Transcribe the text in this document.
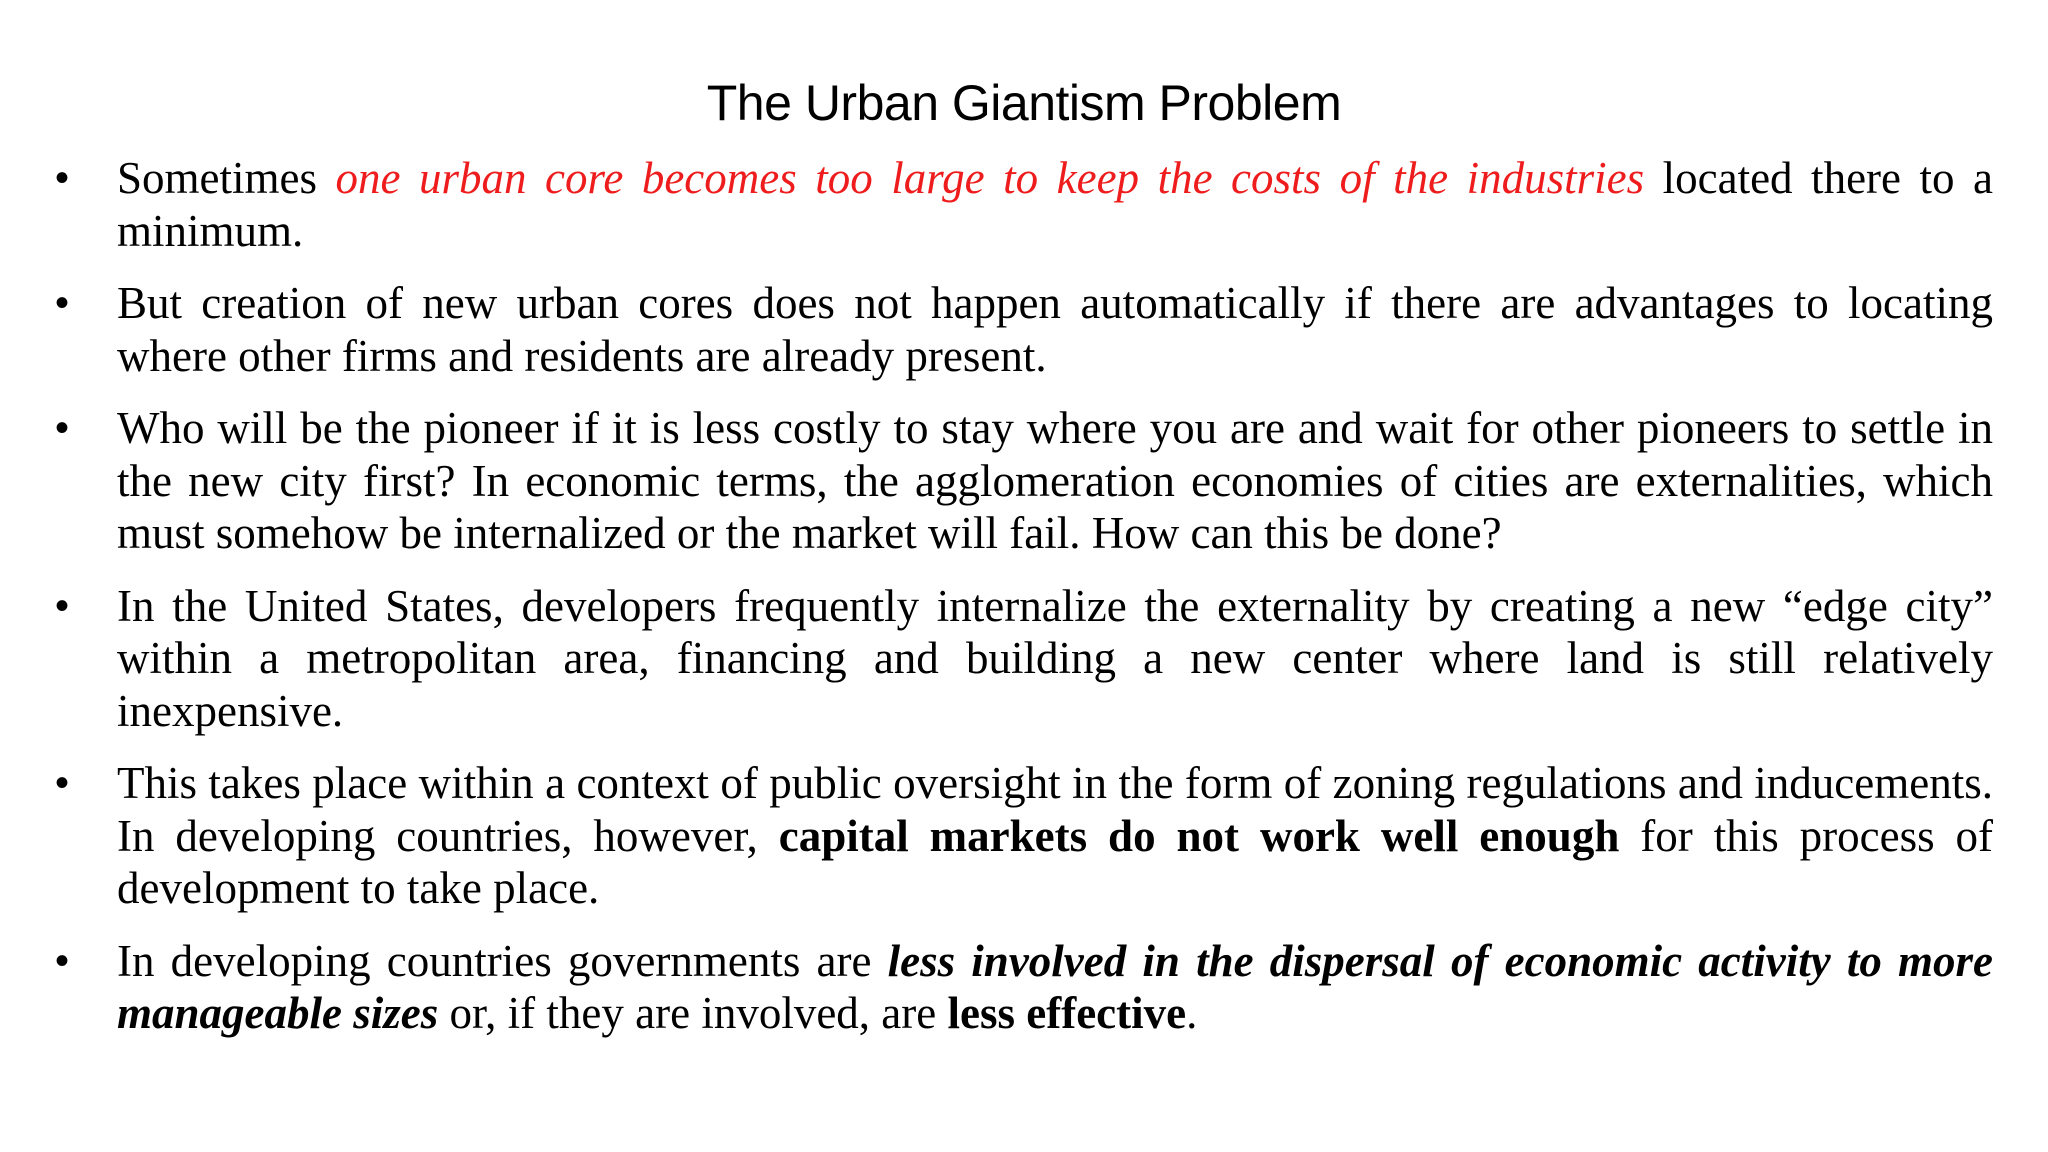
The Urban Giantism Problem
• Sometimes one urban core becomes too large to keep the costs of the industries located there to a minimum.
• But creation of new urban cores does not happen automatically if there are advantages to locating where other firms and residents are already present.
• Who will be the pioneer if it is less costly to stay where you are and wait for other pioneers to settle in the new city first? In economic terms, the agglomeration economies of cities are externalities, which must somehow be internalized or the market will fail. How can this be done?
• In the United States, developers frequently internalize the externality by creating a new “edge city” within a metropolitan area, financing and building a new center where land is still relatively inexpensive.
• This takes place within a context of public oversight in the form of zoning regulations and inducements. In developing countries, however, capital markets do not work well enough for this process of development to take place.
• In developing countries governments are less involved in the dispersal of economic activity to more manageable sizes or, if they are involved, are less effective.
